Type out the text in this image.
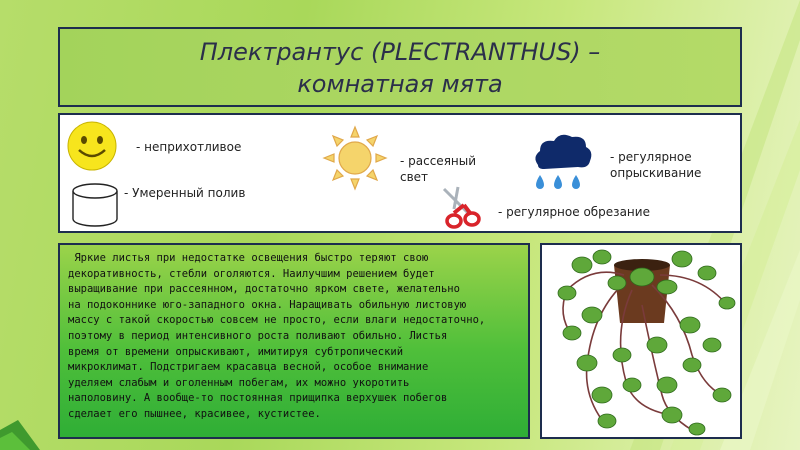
Плектрантус (PLECTRANTHUS) –
комнатная мята
- неприхотливое
- Умеренный полив
- рассеяный
свет
- регулярное
опрыскивание
- регулярное обрезание
Яркие листья при недостатке освещения быстро теряют свою
декоративность, стебли оголяются. Наилучшим решением будет
выращивание при рассеянном, достаточно ярком свете, желательно
на подоконнике юго-западного окна. Наращивать обильную листовую
массу с такой скоростью совсем не просто, если влаги недостаточно,
поэтому в период интенсивного роста поливают обильно. Листья
время от времени опрыскивают, имитируя субтропический
микроклимат. Подстригаем красавца весной, особое внимание
уделяем слабым и оголенным побегам, их можно укоротить
наполовину. А вообще-то постоянная прищипка верхушек побегов
сделает его пышнее, красивее, кустистее.
